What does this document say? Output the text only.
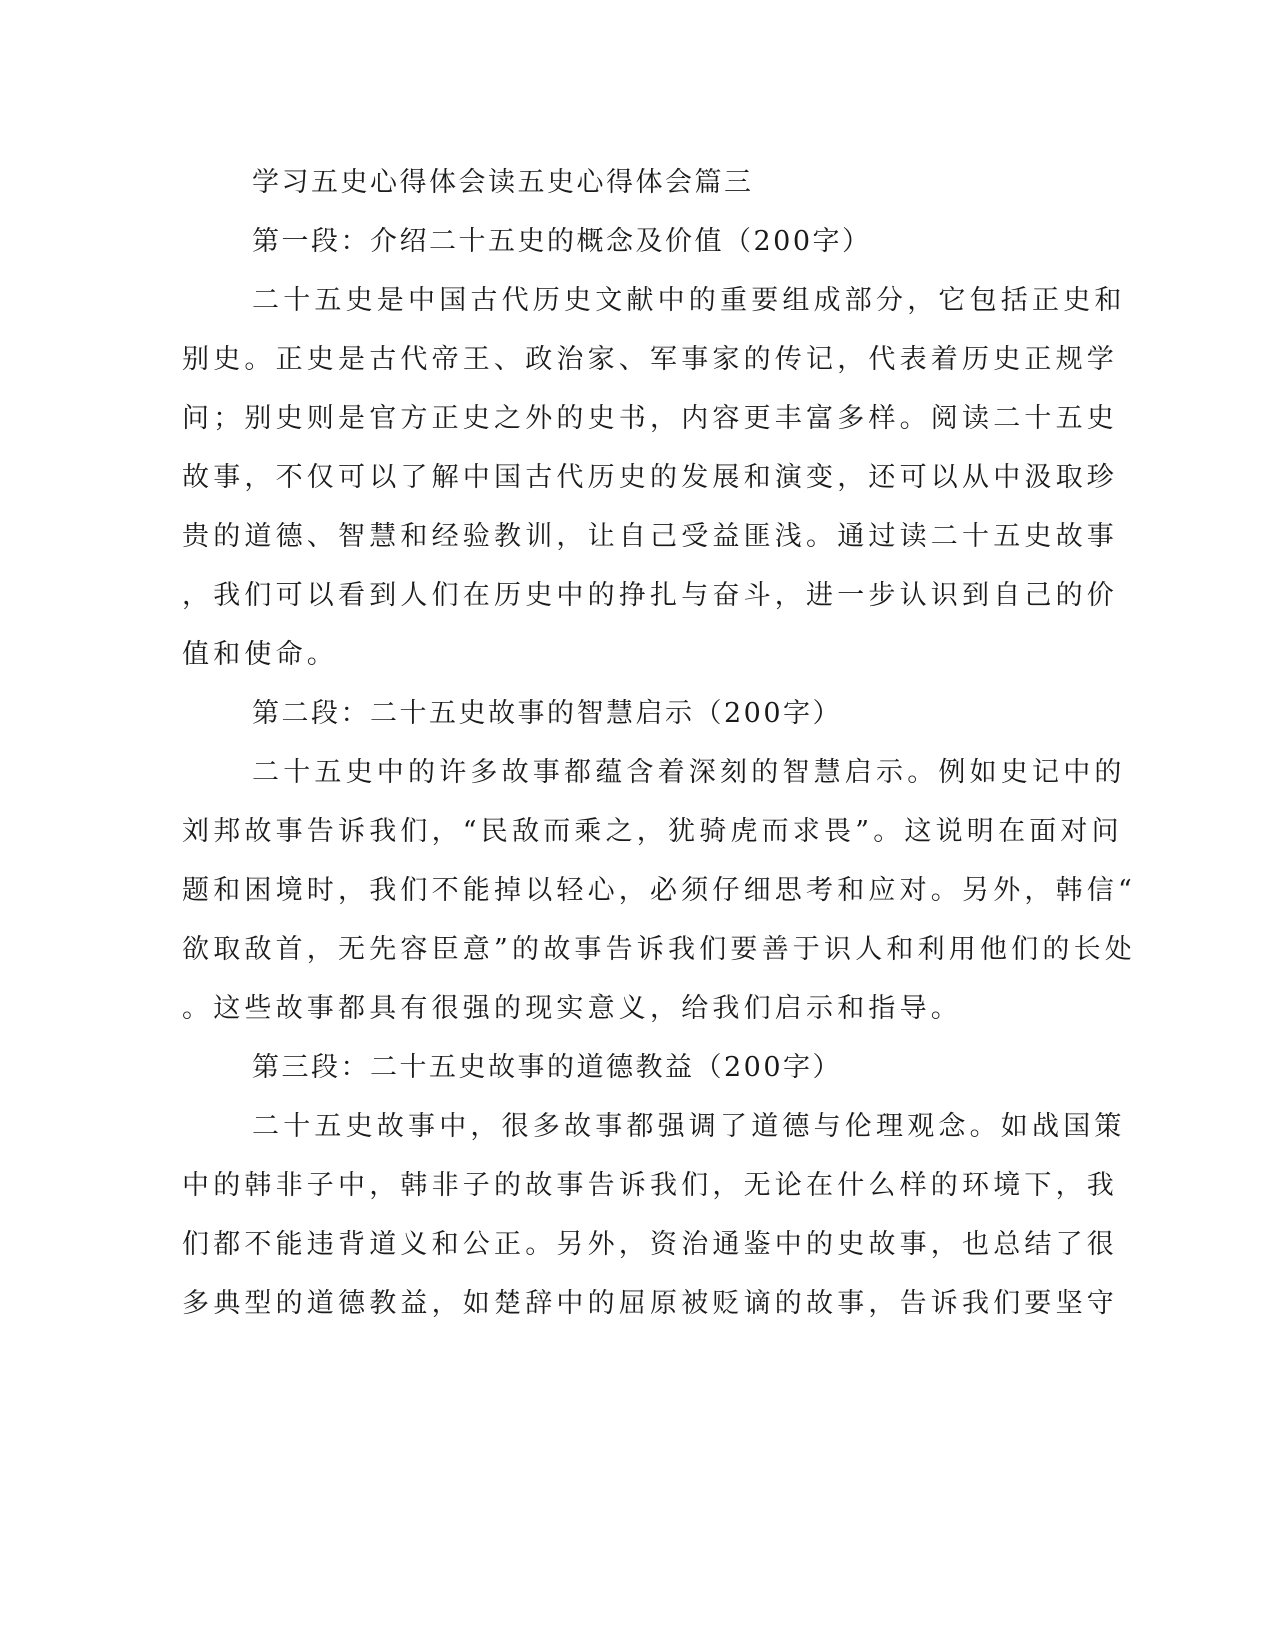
学习五史心得体会读五史心得体会篇三

第一段：介绍二十五史的概念及价值（200字）

二十五史是中国古代历史文献中的重要组成部分，它包括正史和

别史。正史是古代帝王、政治家、军事家的传记，代表着历史正规学

问；别史则是官方正史之外的史书，内容更丰富多样。阅读二十五史

故事，不仅可以了解中国古代历史的发展和演变，还可以从中汲取珍

贵的道德、智慧和经验教训，让自己受益匪浅。通过读二十五史故事

，我们可以看到人们在历史中的挣扎与奋斗，进一步认识到自己的价

值和使命。

第二段：二十五史故事的智慧启示（200字）

二十五史中的许多故事都蕴含着深刻的智慧启示。例如史记中的

刘邦故事告诉我们，“民敌而乘之，犹骑虎而求畏”。这说明在面对问

题和困境时，我们不能掉以轻心，必须仔细思考和应对。另外，韩信“

欲取敌首，无先容臣意”的故事告诉我们要善于识人和利用他们的长处

。这些故事都具有很强的现实意义，给我们启示和指导。

第三段：二十五史故事的道德教益（200字）

二十五史故事中，很多故事都强调了道德与伦理观念。如战国策

中的韩非子中，韩非子的故事告诉我们，无论在什么样的环境下，我

们都不能违背道义和公正。另外，资治通鉴中的史故事，也总结了很

多典型的道德教益，如楚辞中的屈原被贬谪的故事，告诉我们要坚守
